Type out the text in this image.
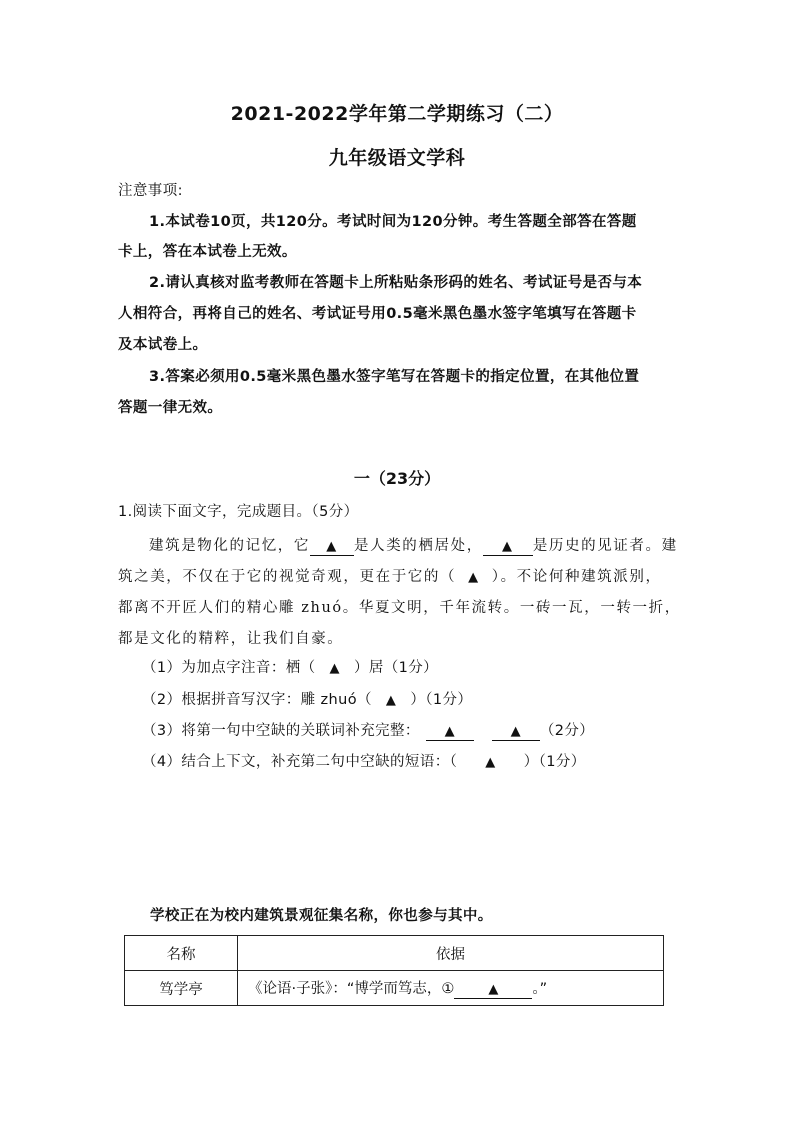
2021-2022学年第二学期练习（二）
九年级语文学科
注意事项:
1.本试卷10页，共120分。考试时间为120分钟。考生答题全部答在答题
卡上，答在本试卷上无效。
2.请认真核对监考教师在答题卡上所粘贴条形码的姓名、考试证号是否与本
人相符合，再将自己的姓名、考试证号用0.5毫米黑色墨水签字笔填写在答题卡
及本试卷上。
3.答案必须用0.5毫米黑色墨水签字笔写在答题卡的指定位置，在其他位置
答题一律无效。
一（23分）
1.阅读下面文字，完成题目。（5分）
建筑是物化的记忆，它 ▲ 是人类的栖居处， ▲ 是历史的见证者。建
筑之美，不仅在于它的视觉奇观，更在于它的（ ▲ ）。不论何种建筑派别，
都离不开匠人们的精心雕 zhuó。华夏文明，千年流转。一砖一瓦，一转一折，
都是文化的精粹，让我们自豪。
（1）为加点字注音：栖（ ▲ ）居（1分）
（2）根据拼音写汉字：雕 zhuó（ ▲ ）（1分）
（3）将第一句中空缺的关联词补充完整： ▲	▲ （2分）
（4）结合上下文，补充第二句中空缺的短语：（ ▲ ）（1分）
学校正在为校内建筑景观征集名称，你也参与其中。
名称	依据
笃学亭	《论语·子张》：“博学而笃志，① ▲ 。”
